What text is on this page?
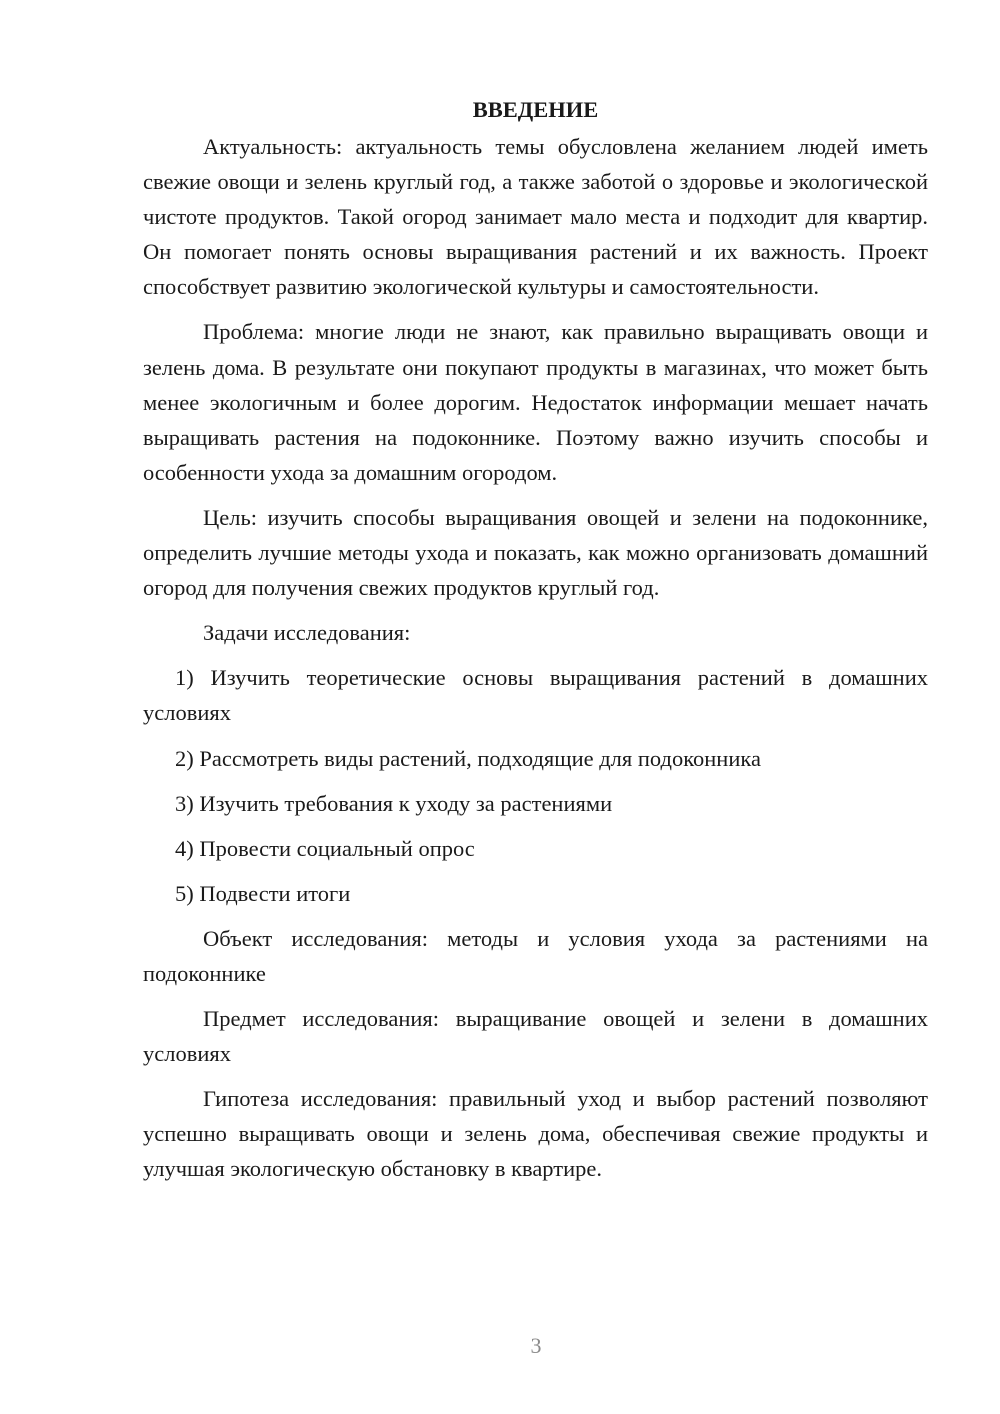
ВВЕДЕНИЕ

Актуальность: актуальность темы обусловлена желанием людей иметь свежие овощи и зелень круглый год, а также заботой о здоровье и экологической чистоте продуктов. Такой огород занимает мало места и подходит для квартир. Он помогает понять основы выращивания растений и их важность. Проект способствует развитию экологической культуры и самостоятельности.

Проблема: многие люди не знают, как правильно выращивать овощи и зелень дома. В результате они покупают продукты в магазинах, что может быть менее экологичным и более дорогим. Недостаток информации мешает начать выращивать растения на подоконнике. Поэтому важно изучить способы и особенности ухода за домашним огородом.

Цель: изучить способы выращивания овощей и зелени на подоконнике, определить лучшие методы ухода и показать, как можно организовать домашний огород для получения свежих продуктов круглый год.

Задачи исследования:

1) Изучить теоретические основы выращивания растений в домашних условиях

2) Рассмотреть виды растений, подходящие для подоконника

3) Изучить требования к уходу за растениями

4) Провести социальный опрос

5) Подвести итоги

Объект исследования: методы и условия ухода за растениями на подоконнике

Предмет исследования: выращивание овощей и зелени в домашних условиях

Гипотеза исследования: правильный уход и выбор растений позволяют успешно выращивать овощи и зелень дома, обеспечивая свежие продукты и улучшая экологическую обстановку в квартире.

3
